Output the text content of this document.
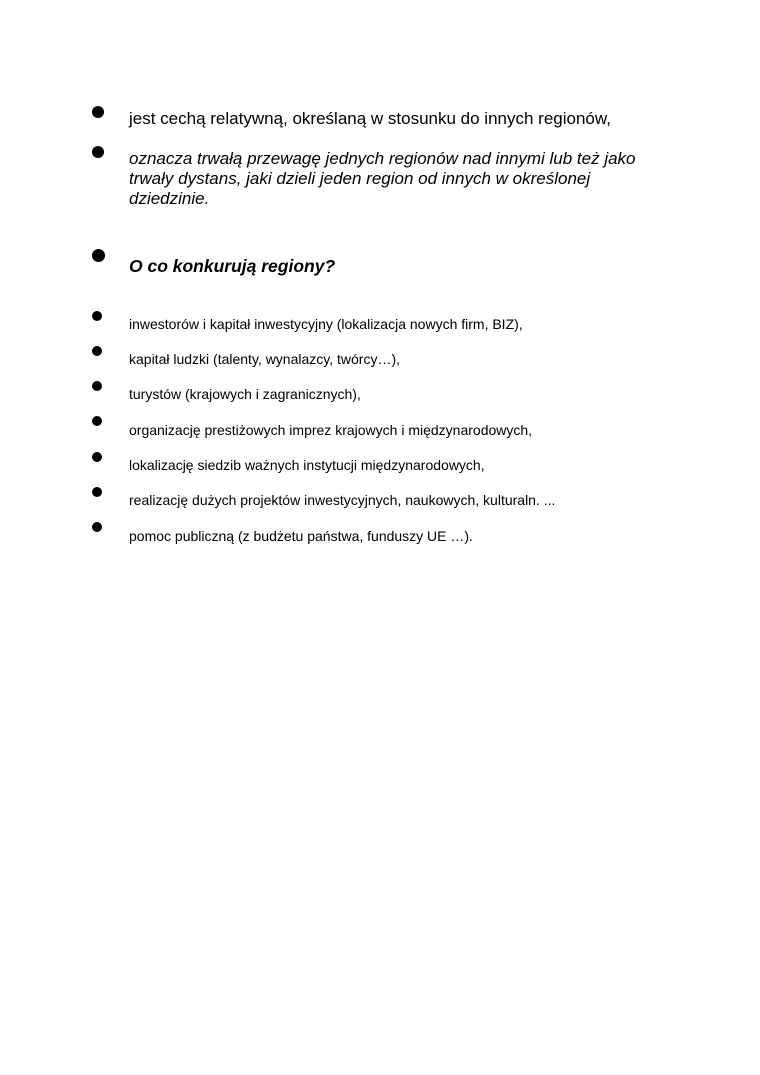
jest cechą relatywną, określaną w stosunku do innych regionów,
oznacza trwałą przewagę jednych regionów nad innymi lub też jako
trwały dystans, jaki dzieli jeden region od innych w określonej
dziedzinie.
O co konkurują regiony?
inwestorów i kapitał inwestycyjny (lokalizacja nowych firm, BIZ),
kapitał ludzki (talenty, wynalazcy, twórcy…),
turystów (krajowych i zagranicznych),
organizację prestiżowych imprez krajowych i międzynarodowych,
lokalizację siedzib ważnych instytucji międzynarodowych,
realizację dużych projektów inwestycyjnych, naukowych, kulturaln. ...
pomoc publiczną (z budżetu państwa, funduszy UE …).
